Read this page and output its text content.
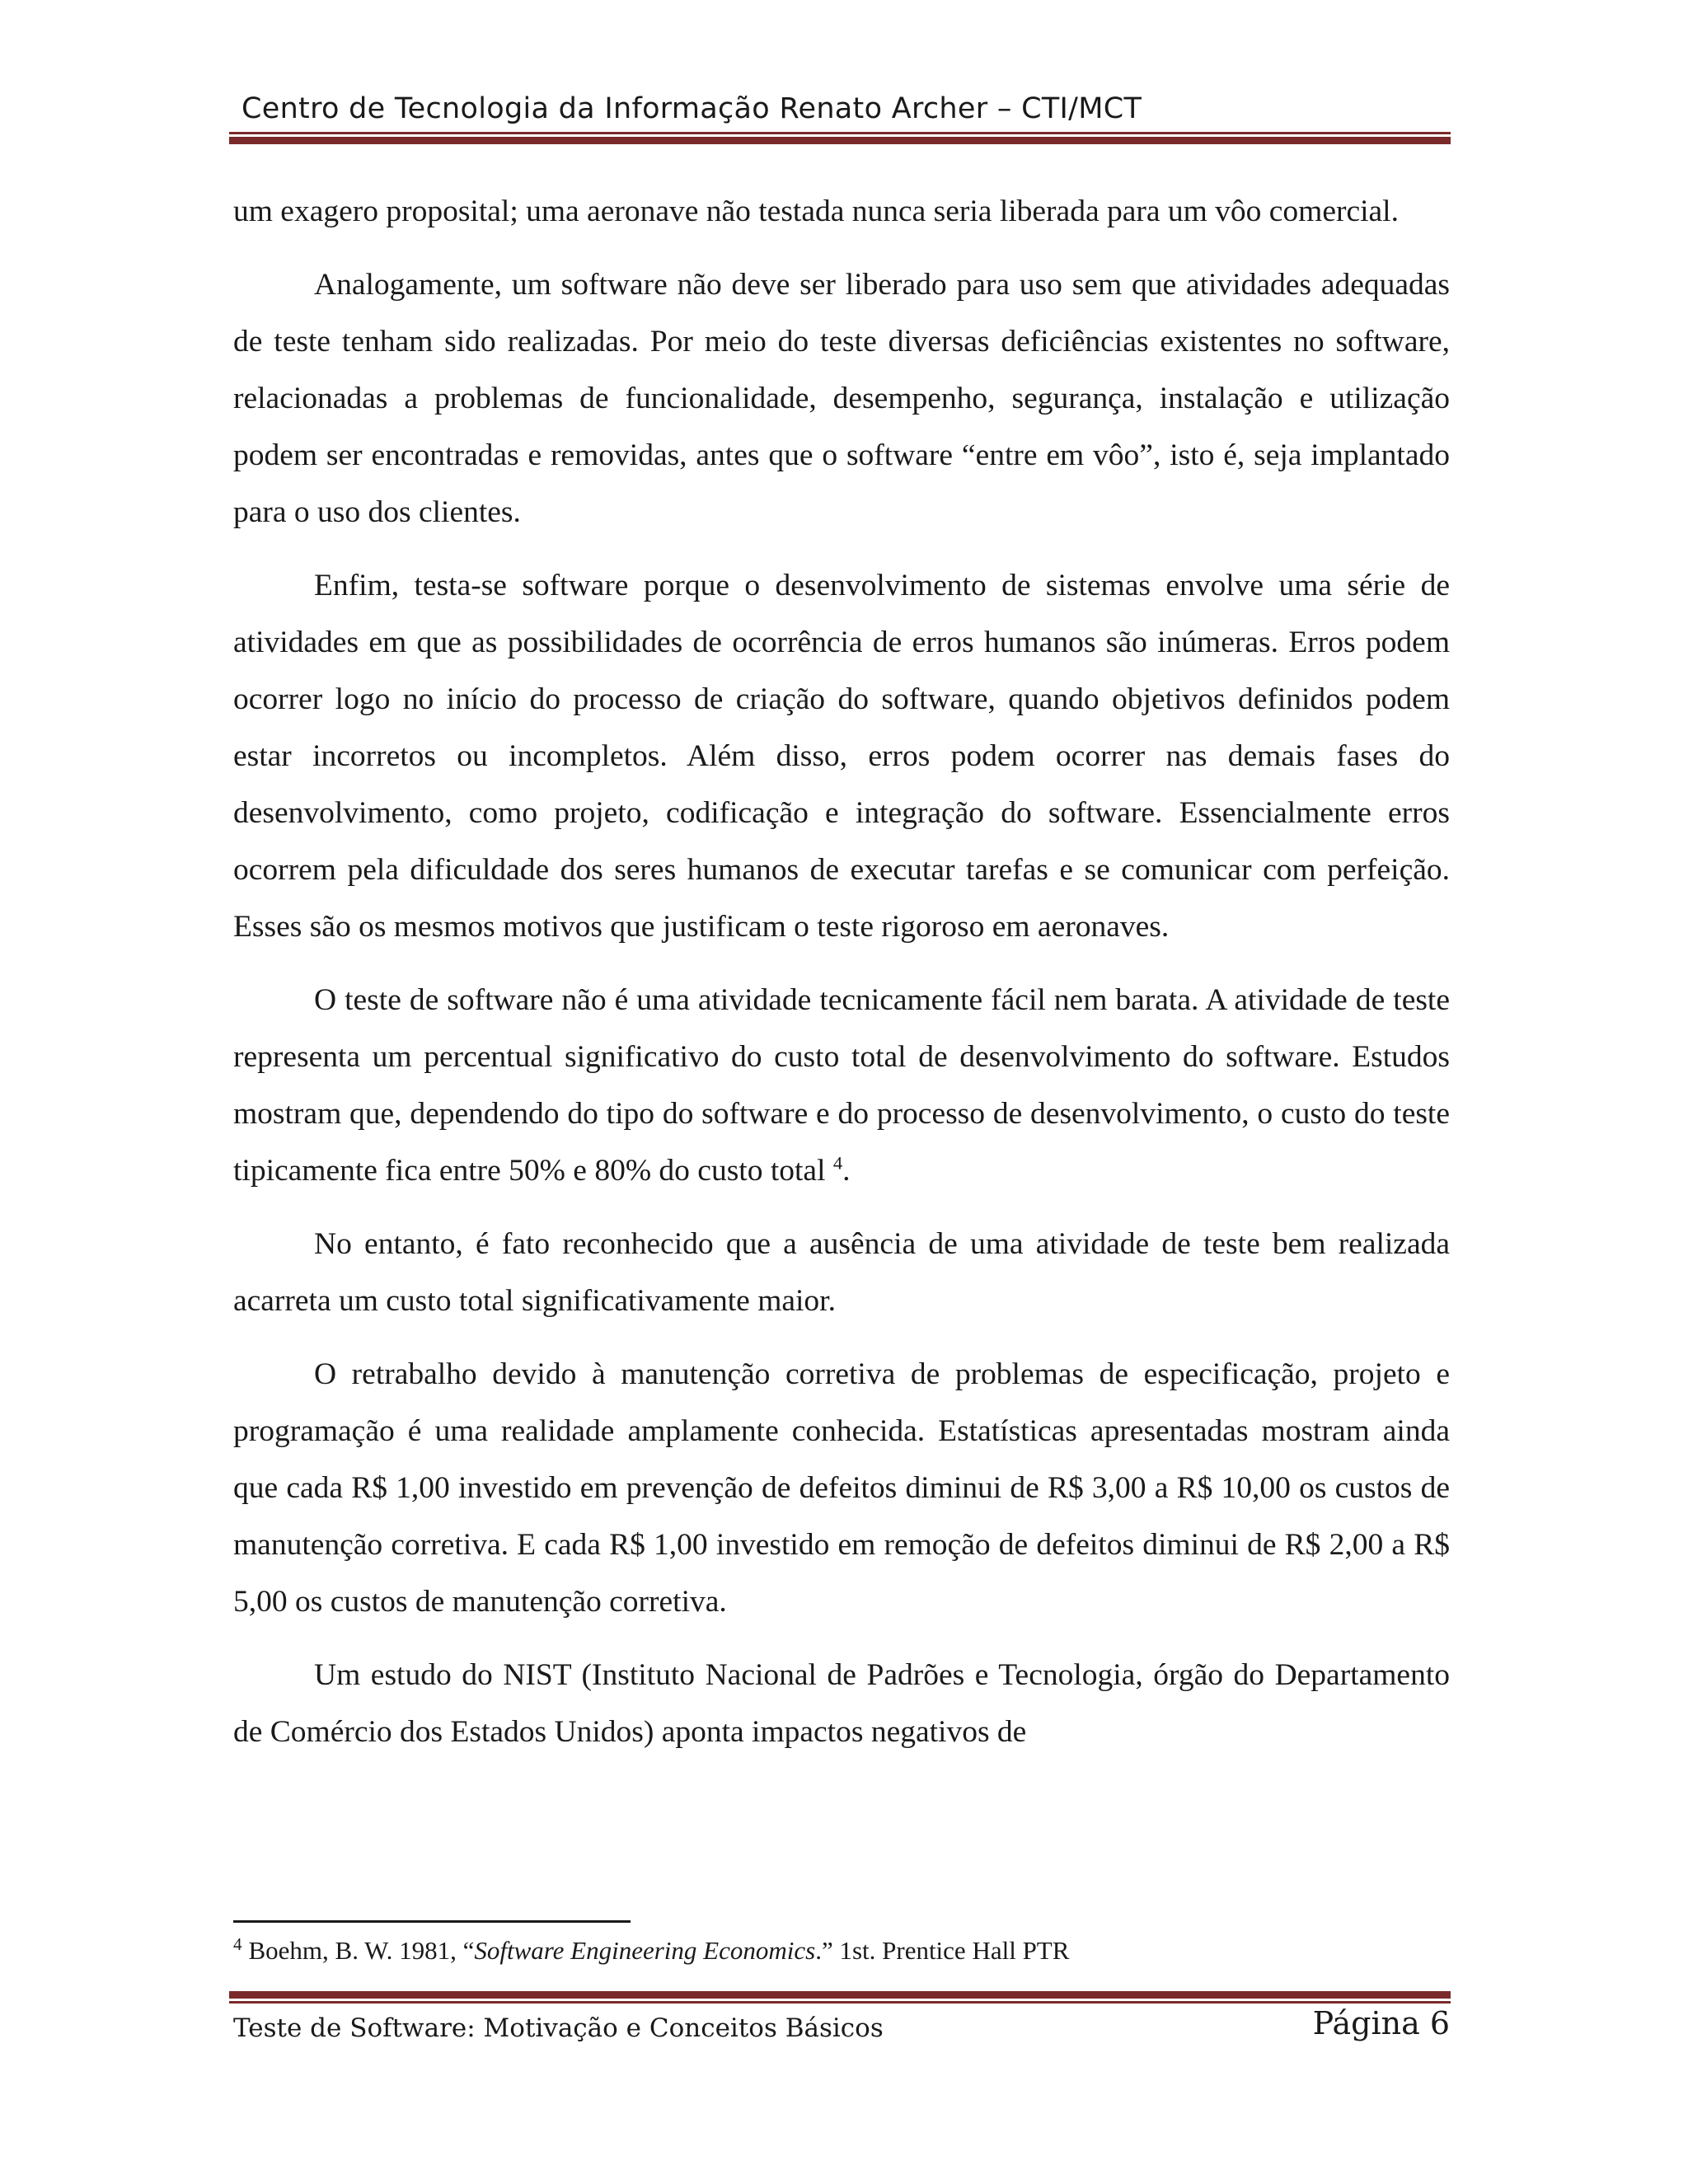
Centro de Tecnologia da Informação Renato Archer – CTI/MCT

um exagero proposital; uma aeronave não testada nunca seria liberada para um vôo comercial.

Analogamente, um software não deve ser liberado para uso sem que atividades adequadas de teste tenham sido realizadas. Por meio do teste diversas deficiências existentes no software, relacionadas a problemas de funcionalidade, desempenho, segurança, instalação e utilização podem ser encontradas e removidas, antes que o software “entre em vôo”, isto é, seja implantado para o uso dos clientes.

Enfim, testa-se software porque o desenvolvimento de sistemas envolve uma série de atividades em que as possibilidades de ocorrência de erros humanos são inúmeras. Erros podem ocorrer logo no início do processo de criação do software, quando objetivos definidos podem estar incorretos ou incompletos. Além disso, erros podem ocorrer nas demais fases do desenvolvimento, como projeto, codificação e integração do software. Essencialmente erros ocorrem pela dificuldade dos seres humanos de executar tarefas e se comunicar com perfeição. Esses são os mesmos motivos que justificam o teste rigoroso em aeronaves.

O teste de software não é uma atividade tecnicamente fácil nem barata. A atividade de teste representa um percentual significativo do custo total de desenvolvimento do software. Estudos mostram que, dependendo do tipo do software e do processo de desenvolvimento, o custo do teste tipicamente fica entre 50% e 80% do custo total $^4$.

No entanto, é fato reconhecido que a ausência de uma atividade de teste bem realizada acarreta um custo total significativamente maior.

O retrabalho devido à manutenção corretiva de problemas de especificação, projeto e programação é uma realidade amplamente conhecida. Estatísticas apresentadas mostram ainda que cada R$ 1,00 investido em prevenção de defeitos diminui de R$ 3,00 a R$ 10,00 os custos de manutenção corretiva. E cada R$ 1,00 investido em remoção de defeitos diminui de R$ 2,00 a R$ 5,00 os custos de manutenção corretiva.

Um estudo do NIST (Instituto Nacional de Padrões e Tecnologia, órgão do Departamento de Comércio dos Estados Unidos) aponta impactos negativos de

$^4$ Boehm, B. W. 1981, “Software Engineering Economics.” 1st. Prentice Hall PTR
Teste de Software: Motivação e Conceitos Básicos	Página 6
